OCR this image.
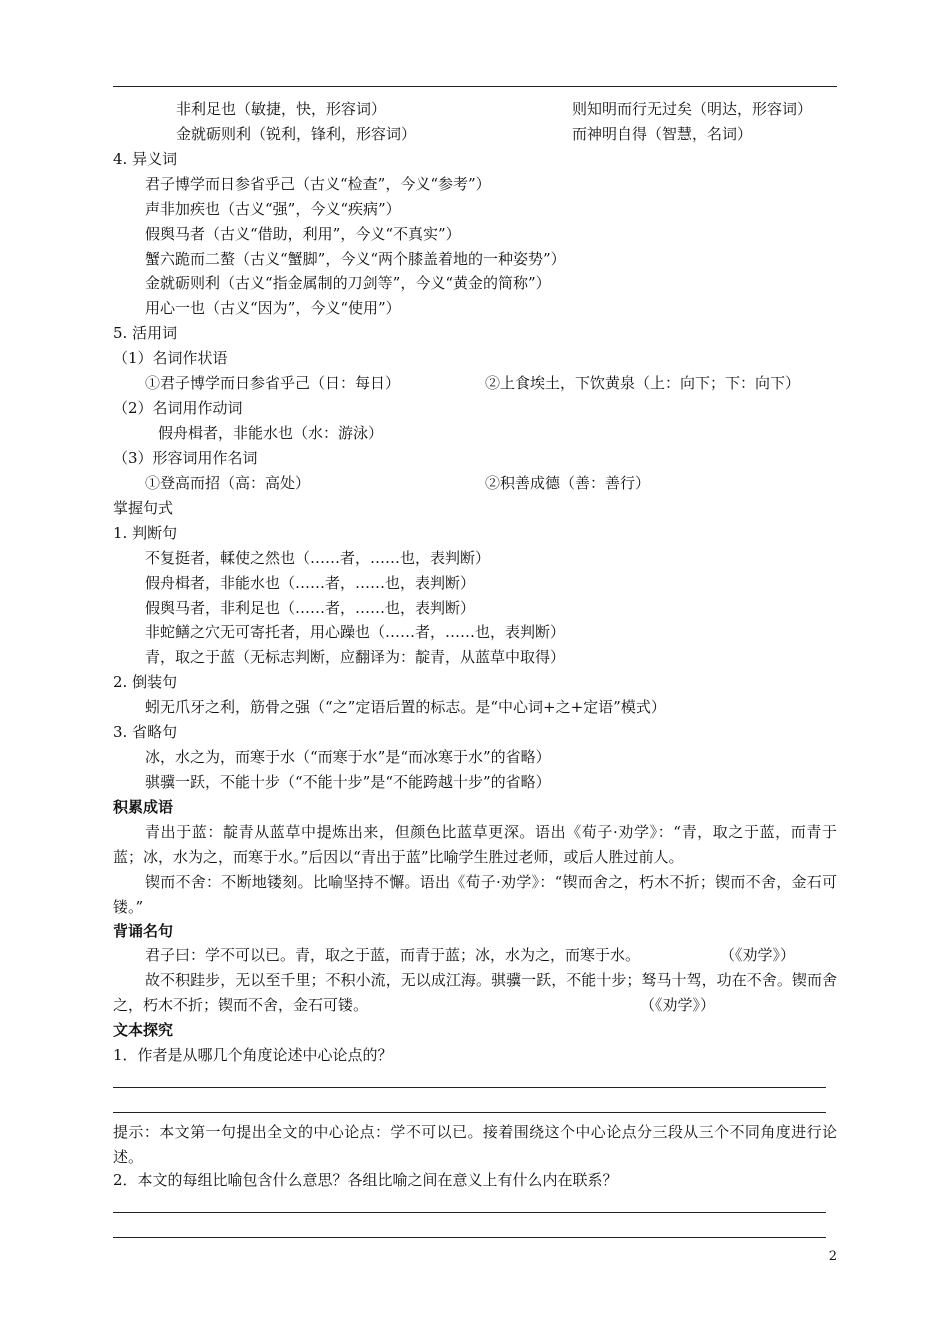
非利足也（敏捷，快，形容词）	则知明而行无过矣（明达，形容词）
金就砺则利（锐利，锋利，形容词）	而神明自得（智慧，名词）
4. 异义词
君子博学而日参省乎己（古义“检查”，今义“参考”）
声非加疾也（古义“强”，今义“疾病”）
假舆马者（古义“借助，利用”，今义“不真实”）
蟹六跪而二螯（古义“蟹脚”，今义“两个膝盖着地的一种姿势”）
金就砺则利（古义“指金属制的刀剑等”，今义“黄金的简称”）
用心一也（古义“因为”，今义“使用”）
5. 活用词
（1）名词作状语
①君子博学而日参省乎己（日：每日）	②上食埃土，下饮黄泉（上：向下；下：向下）
（2）名词用作动词
假舟楫者，非能水也（水：游泳）
（3）形容词用作名词
①登高而招（高：高处）	②积善成德（善：善行）
掌握句式
1. 判断句
不复挺者，輮使之然也（……者，……也，表判断）
假舟楫者，非能水也（……者，……也，表判断）
假舆马者，非利足也（……者，……也，表判断）
非蛇鳝之穴无可寄托者，用心躁也（……者，……也，表判断）
青，取之于蓝（无标志判断，应翻译为：靛青，从蓝草中取得）
2. 倒装句
蚓无爪牙之利，筋骨之强（“之”定语后置的标志。是“中心词+之+定语”模式）
3. 省略句
冰，水之为，而寒于水（“而寒于水”是“而冰寒于水”的省略）
骐骥一跃，不能十步（“不能十步”是“不能跨越十步”的省略）
积累成语
青出于蓝：靛青从蓝草中提炼出来，但颜色比蓝草更深。语出《荀子·劝学》：“青，取之于蓝，而青于蓝；冰，水为之，而寒于水。”后因以“青出于蓝”比喻学生胜过老师，或后人胜过前人。
锲而不舍：不断地镂刻。比喻坚持不懈。语出《荀子·劝学》：“锲而舍之，朽木不折；锲而不舍，金石可镂。”
背诵名句
君子曰：学不可以已。青，取之于蓝，而青于蓝；冰，水为之，而寒于水。	（《劝学》）
故不积跬步，无以至千里；不积小流，无以成江海。骐骥一跃，不能十步；驽马十驾，功在不舍。锲而舍之，朽木不折；锲而不舍，金石可镂。	（《劝学》）
文本探究
1．作者是从哪几个角度论述中心论点的？
提示：本文第一句提出全文的中心论点：学不可以已。接着围绕这个中心论点分三段从三个不同角度进行论述。
2．本文的每组比喻包含什么意思？各组比喻之间在意义上有什么内在联系？
2
